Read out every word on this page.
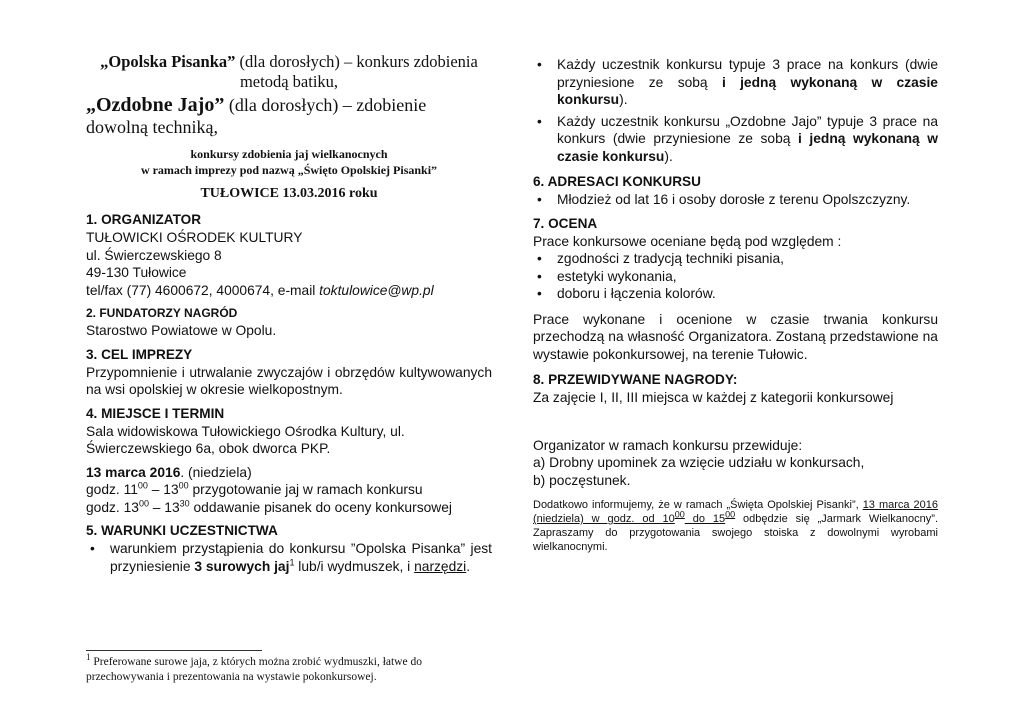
„Opolska Pisanka” (dla dorosłych) – konkurs zdobienia metodą batiku,

„Ozdobne Jajo” (dla dorosłych) – zdobienie dowolną techniką,

konkursy zdobienia jaj wielkanocnych
w ramach imprezy pod nazwą „Święto Opolskiej Pisanki”

TUŁOWICE 13.03.2016 roku

1. ORGANIZATOR

TUŁOWICKI OŚRODEK KULTURY

ul. Świerczewskiego 8

49-130 Tułowice

tel/fax (77) 4600672, 4000674, e-mail toktulowice@wp.pl

2. FUNDATORZY NAGRÓD

Starostwo Powiatowe w Opolu.

3. CEL IMPREZY

Przypomnienie i utrwalanie zwyczajów i obrzędów kultywowanych na wsi opolskiej w okresie wielkopostnym.

4. MIEJSCE I TERMIN

Sala widowiskowa Tułowickiego Ośrodka Kultury, ul. Świerczewskiego 6a, obok dworca PKP.

13 marca 2016. (niedziela)

godz. $11^{00} - 13^{00}$ przygotowanie jaj w ramach konkursu

godz. $13^{00} - 13^{30}$ oddawanie pisanek do oceny konkursowej

5. WARUNKI UCZESTNICTWA

• warunkiem przystąpienia do konkursu ”Opolska Pisanka” jest przyniesienie 3 surowych jaj$^1$ lub/i wydmuszek, i narzędzi.

$^1$ Preferowane surowe jaja, z których można zrobić wydmuszki, łatwe do przechowywania i prezentowania na wystawie pokonkursowej.

• Każdy uczestnik konkursu typuje 3 prace na konkurs (dwie przyniesione ze sobą i jedną wykonaną w czasie konkursu).
• Każdy uczestnik konkursu „Ozdobne Jajo” typuje 3 prace na konkurs (dwie przyniesione ze sobą i jedną wykonaną w czasie konkursu).

6. ADRESACI KONKURSU

• Młodzież od lat 16 i osoby dorosłe z terenu Opolszczyzny.

7. OCENA

Prace konkursowe oceniane będą pod względem :

• zgodności z tradycją techniki pisania,
• estetyki wykonania,
• doboru i łączenia kolorów.

Prace wykonane i ocenione w czasie trwania konkursu przechodzą na własność Organizatora. Zostaną przedstawione na wystawie pokonkursowej, na terenie Tułowic.

8. PRZEWIDYWANE NAGRODY:

Za zajęcie I, II, III miejsca w każdej z kategorii konkursowej

Organizator w ramach konkursu przewiduje:

a) Drobny upominek za wzięcie udziału w konkursach,

b) poczęstunek.

Dodatkowo informujemy, że w ramach „Święta Opolskiej Pisanki”, 13 marca 2016 (niedziela) w godz. od $10^{00}$ do $15^{00}$ odbędzie się „Jarmark Wielkanocny”. Zapraszamy do przygotowania swojego stoiska z dowolnymi wyrobami wielkanocnymi.
